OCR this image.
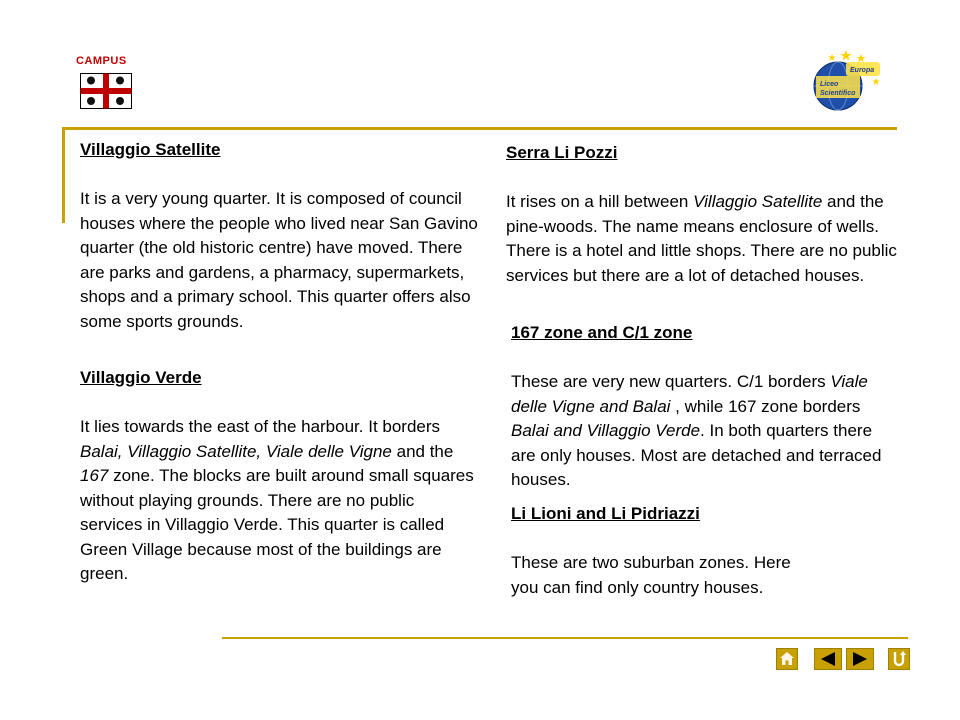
CAMPUS
Europa
Liceo
Scientifico
Villaggio Satellite

It is a very young quarter. It is composed of council houses where the people who lived near San Gavino quarter (the old historic centre) have moved. There are parks and gardens, a pharmacy, supermarkets, shops and a primary school. This quarter offers also some sports grounds.

Villaggio Verde

It lies towards the east of the harbour. It borders Balai, Villaggio Satellite, Viale delle Vigne and the 167 zone. The blocks are built around small squares without playing grounds. There are no public services in Villaggio Verde. This quarter is called Green Village because most of the buildings are green.

Serra Li Pozzi

It rises on a hill between Villaggio Satellite and the pine-woods. The name means enclosure of wells. There is a hotel and little shops. There are no public services but there are a lot of detached houses.

167 zone and C/1 zone

These are very new quarters. C/1 borders Viale delle Vigne and Balai , while 167 zone borders Balai and Villaggio Verde. In both quarters there are only houses. Most are detached and terraced houses.

Li Lioni and Li Pidriazzi

These are two suburban zones. Here you can find only country houses.
